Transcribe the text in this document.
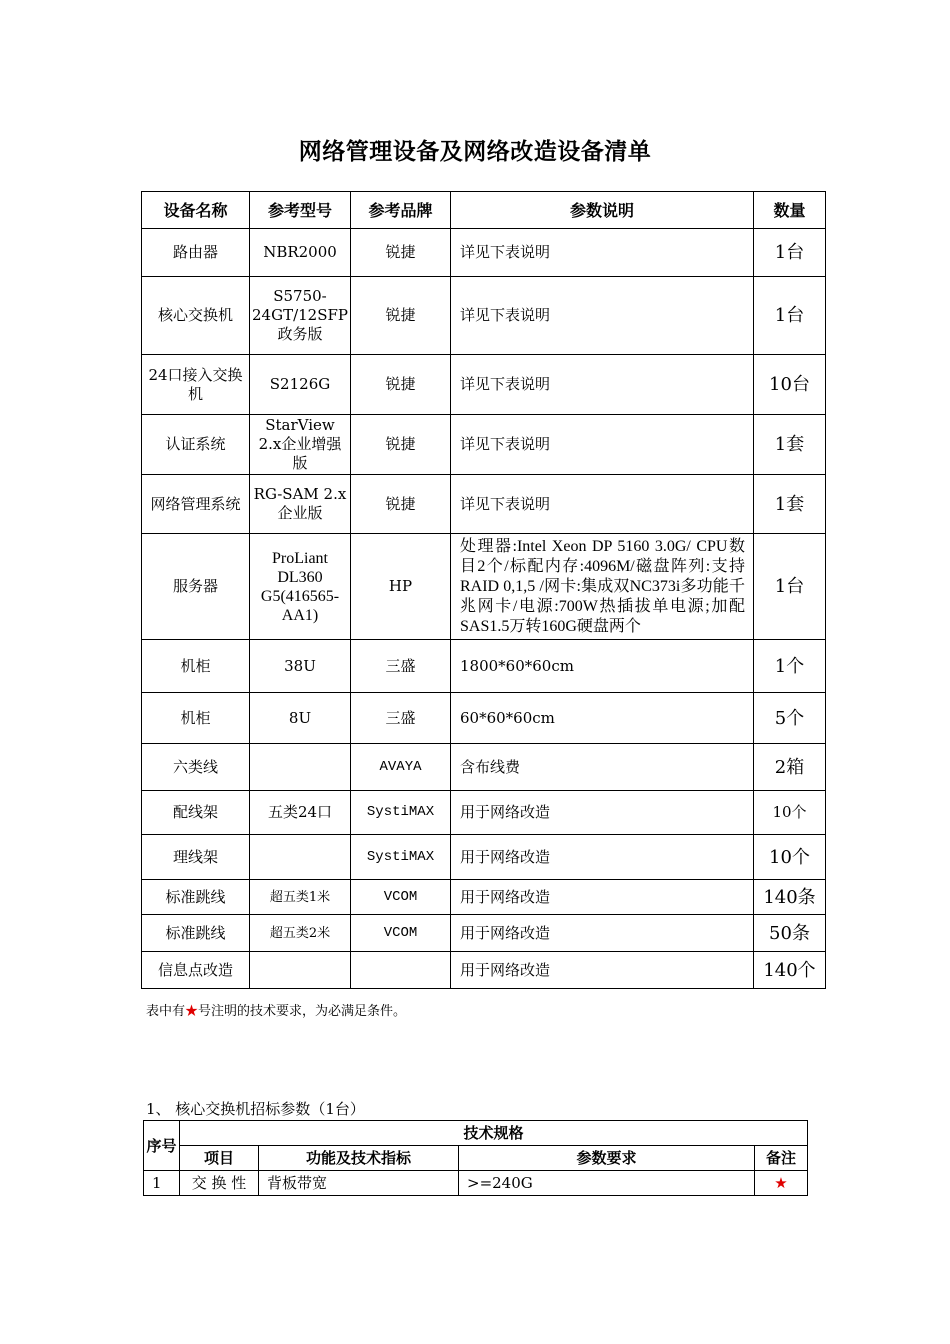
网络管理设备及网络改造设备清单
设备名称	参考型号	参考品牌	参数说明	数量
路由器	NBR2000	锐捷	详见下表说明	1台
核心交换机	S5750-24GT/12SFP政务版	锐捷	详见下表说明	1台
24口接入交换机	S2126G	锐捷	详见下表说明	10台
认证系统	StarView 2.x企业增强版	锐捷	详见下表说明	1套
网络管理系统	RG-SAM 2.x企业版	锐捷	详见下表说明	1套
服务器	ProLiant DL360 G5(416565-AA1)	HP	处理器:Intel Xeon DP 5160 3.0G/ CPU数目2个/标配内存:4096M/磁盘阵列:支持RAID 0,1,5 /网卡:集成双NC373i多功能千兆网卡/电源:700W热插拔单电源;加配SAS1.5万转160G硬盘两个	1台
机柜	38U	三盛	1800*60*60cm	1个
机柜	8U	三盛	60*60*60cm	5个
六类线		AVAYA	含布线费	2箱
配线架	五类24口	SystiMAX	用于网络改造	10个
理线架		SystiMAX	用于网络改造	10个
标准跳线	超五类1米	VCOM	用于网络改造	140条
标准跳线	超五类2米	VCOM	用于网络改造	50条
信息点改造			用于网络改造	140个
表中有★号注明的技术要求，为必满足条件。
1、 核心交换机招标参数（1台）
序号	技术规格			
	项目	功能及技术指标	参数要求	备注
1	交 换 性	背板带宽	>=240G	★
